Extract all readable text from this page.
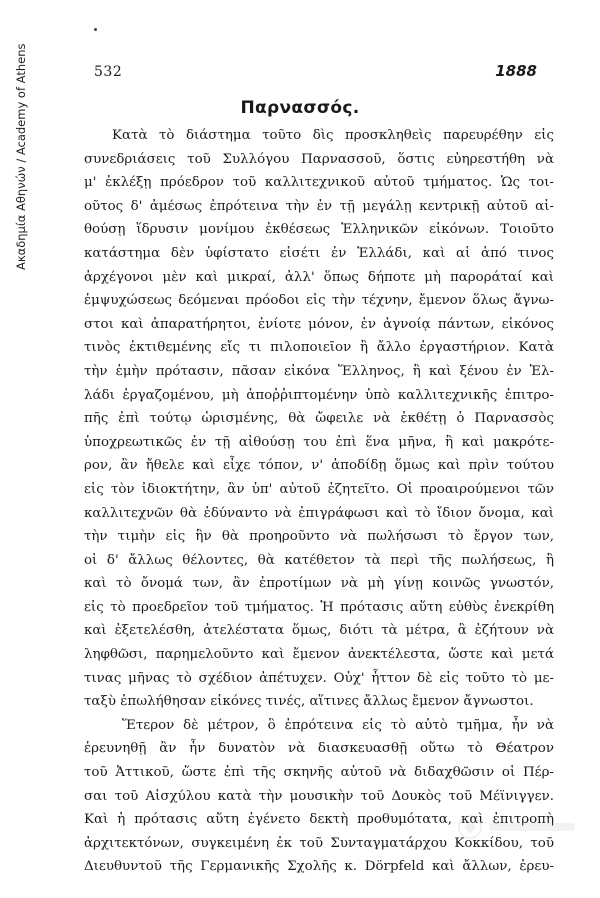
Ακαδημία Αθηνών / Academy of Athens	532	1888
Παρνασσός.
Κατὰ τὸ διάστημα τοῦτο δὶς προσκληθεὶς παρευρέθην εἰς
συνεδριάσεις τοῦ Συλλόγου Παρνασσοῦ, ὅστις εὐηρεστήθη νὰ
μ' ἐκλέξῃ πρόεδρον τοῦ καλλιτεχνικοῦ αὐτοῦ τμήματος. Ὡς τοι-
οῦτος δ' ἀμέσως ἐπρότεινα τὴν ἐν τῇ μεγάλῃ κεντρικῇ αὐτοῦ αἰ-
θούσῃ ἵδρυσιν μονίμου ἐκθέσεως Ἑλληνικῶν εἰκόνων. Τοιοῦτο
κατάστημα δὲν ὑφίστατο εἰσέτι ἐν Ἑλλάδι, καὶ αἱ ἀπό τινος
ἀρχέγονοι μὲν καὶ μικραί, ἀλλ' ὅπως δήποτε μὴ παροράταί καὶ
ἐμψυχώσεως δεόμεναι πρόοδοι εἰς τὴν τέχνην, ἔμενον ὅλως ἄγνω-
στοι καὶ ἀπαρατήρητοι, ἐνίοτε μόνον, ἐν ἀγνοίᾳ πάντων, εἰκόνος
τινὸς ἐκτιθεμένης εἴς τι πιλοποιεῖον ἢ ἄλλο ἐργαστήριον. Κατὰ
τὴν ἐμὴν πρότασιν, πᾶσαν εἰκόνα Ἕλληνος, ἢ καὶ ξένου ἐν Ἑλ-
λάδι ἐργαζομένου, μὴ ἀποῤῥιπτομένην ὑπὸ καλλιτεχνικῆς ἐπιτρο-
πῆς ἐπὶ τούτῳ ὡρισμένης, θὰ ὤφειλε νὰ ἐκθέτῃ ὁ Παρνασσὸς
ὑποχρεωτικῶς ἐν τῇ αἰθούσῃ του ἐπὶ ἕνα μῆνα, ἢ καὶ μακρότε-
ρον, ἂν ἤθελε καὶ εἶχε τόπον, ν' ἀποδίδῃ ὅμως καὶ πρὶν τούτου
εἰς τὸν ἰδιοκτήτην, ἂν ὑπ' αὐτοῦ ἐζητεῖτο. Οἱ προαιρούμενοι τῶν
καλλιτεχνῶν θὰ ἐδύναντο νὰ ἐπιγράφωσι καὶ τὸ ἴδιον ὄνομα, καὶ
τὴν τιμὴν εἰς ἣν θὰ προηρoῦντο νὰ πωλήσωσι τὸ ἔργον των,
οἱ δ' ἄλλως θέλοντες, θὰ κατέθετον τὰ περὶ τῆς πωλήσεως, ἢ
καὶ τὸ ὄνομά των, ἂν ἐπροτίμων νὰ μὴ γίνῃ κοινῶς γνωστόν,
εἰς τὸ προεδρεῖον τοῦ τμήματος. Ἡ πρότασις αὕτη εὐθὺς ἐνεκρίθη
καὶ ἐξετελέσθη, ἀτελέστατα ὅμως, διότι τὰ μέτρα, ἃ ἐζήτουν νὰ
ληφθῶσι, παρημελοῦντο καὶ ἔμενον ἀνεκτέλεστα, ὥστε καὶ μετά
τινας μῆνας τὸ σχέδιον ἀπέτυχεν. Οὐχ' ἧττον δὲ εἰς τοῦτο τὸ με-
ταξὺ ἐπωλήθησαν εἰκόνες τινές, αἵτινες ἄλλως ἔμενον ἄγνωστοι.
Ἕτερον δὲ μέτρον, ὃ ἐπρότεινα εἰς τὸ αὐτὸ τμῆμα, ἦν νὰ
ἐρευνηθῇ ἂν ἦν δυνατὸν νὰ διασκευασθῇ οὕτω τὸ Θέατρον
τοῦ Ἀττικοῦ, ὥστε ἐπὶ τῆς σκηνῆς αὐτοῦ νὰ διδαχθῶσιν οἱ Πέρ-
σαι τοῦ Αἰσχύλου κατὰ τὴν μουσικὴν τοῦ Δουκὸς τοῦ Μέϊνιγγεν.
Καὶ ἡ πρότασις αὕτη ἐγένετο δεκτὴ προθυμότατα, καὶ ἐπιτροπὴ
ἀρχιτεκτόνων, συγκειμένη ἐκ τοῦ Συνταγματάρχου Κοκκίδου, τοῦ
Διευθυντοῦ τῆς Γερμανικῆς Σχολῆς κ. Dörpfeld καὶ ἄλλων, ἐρευ-
